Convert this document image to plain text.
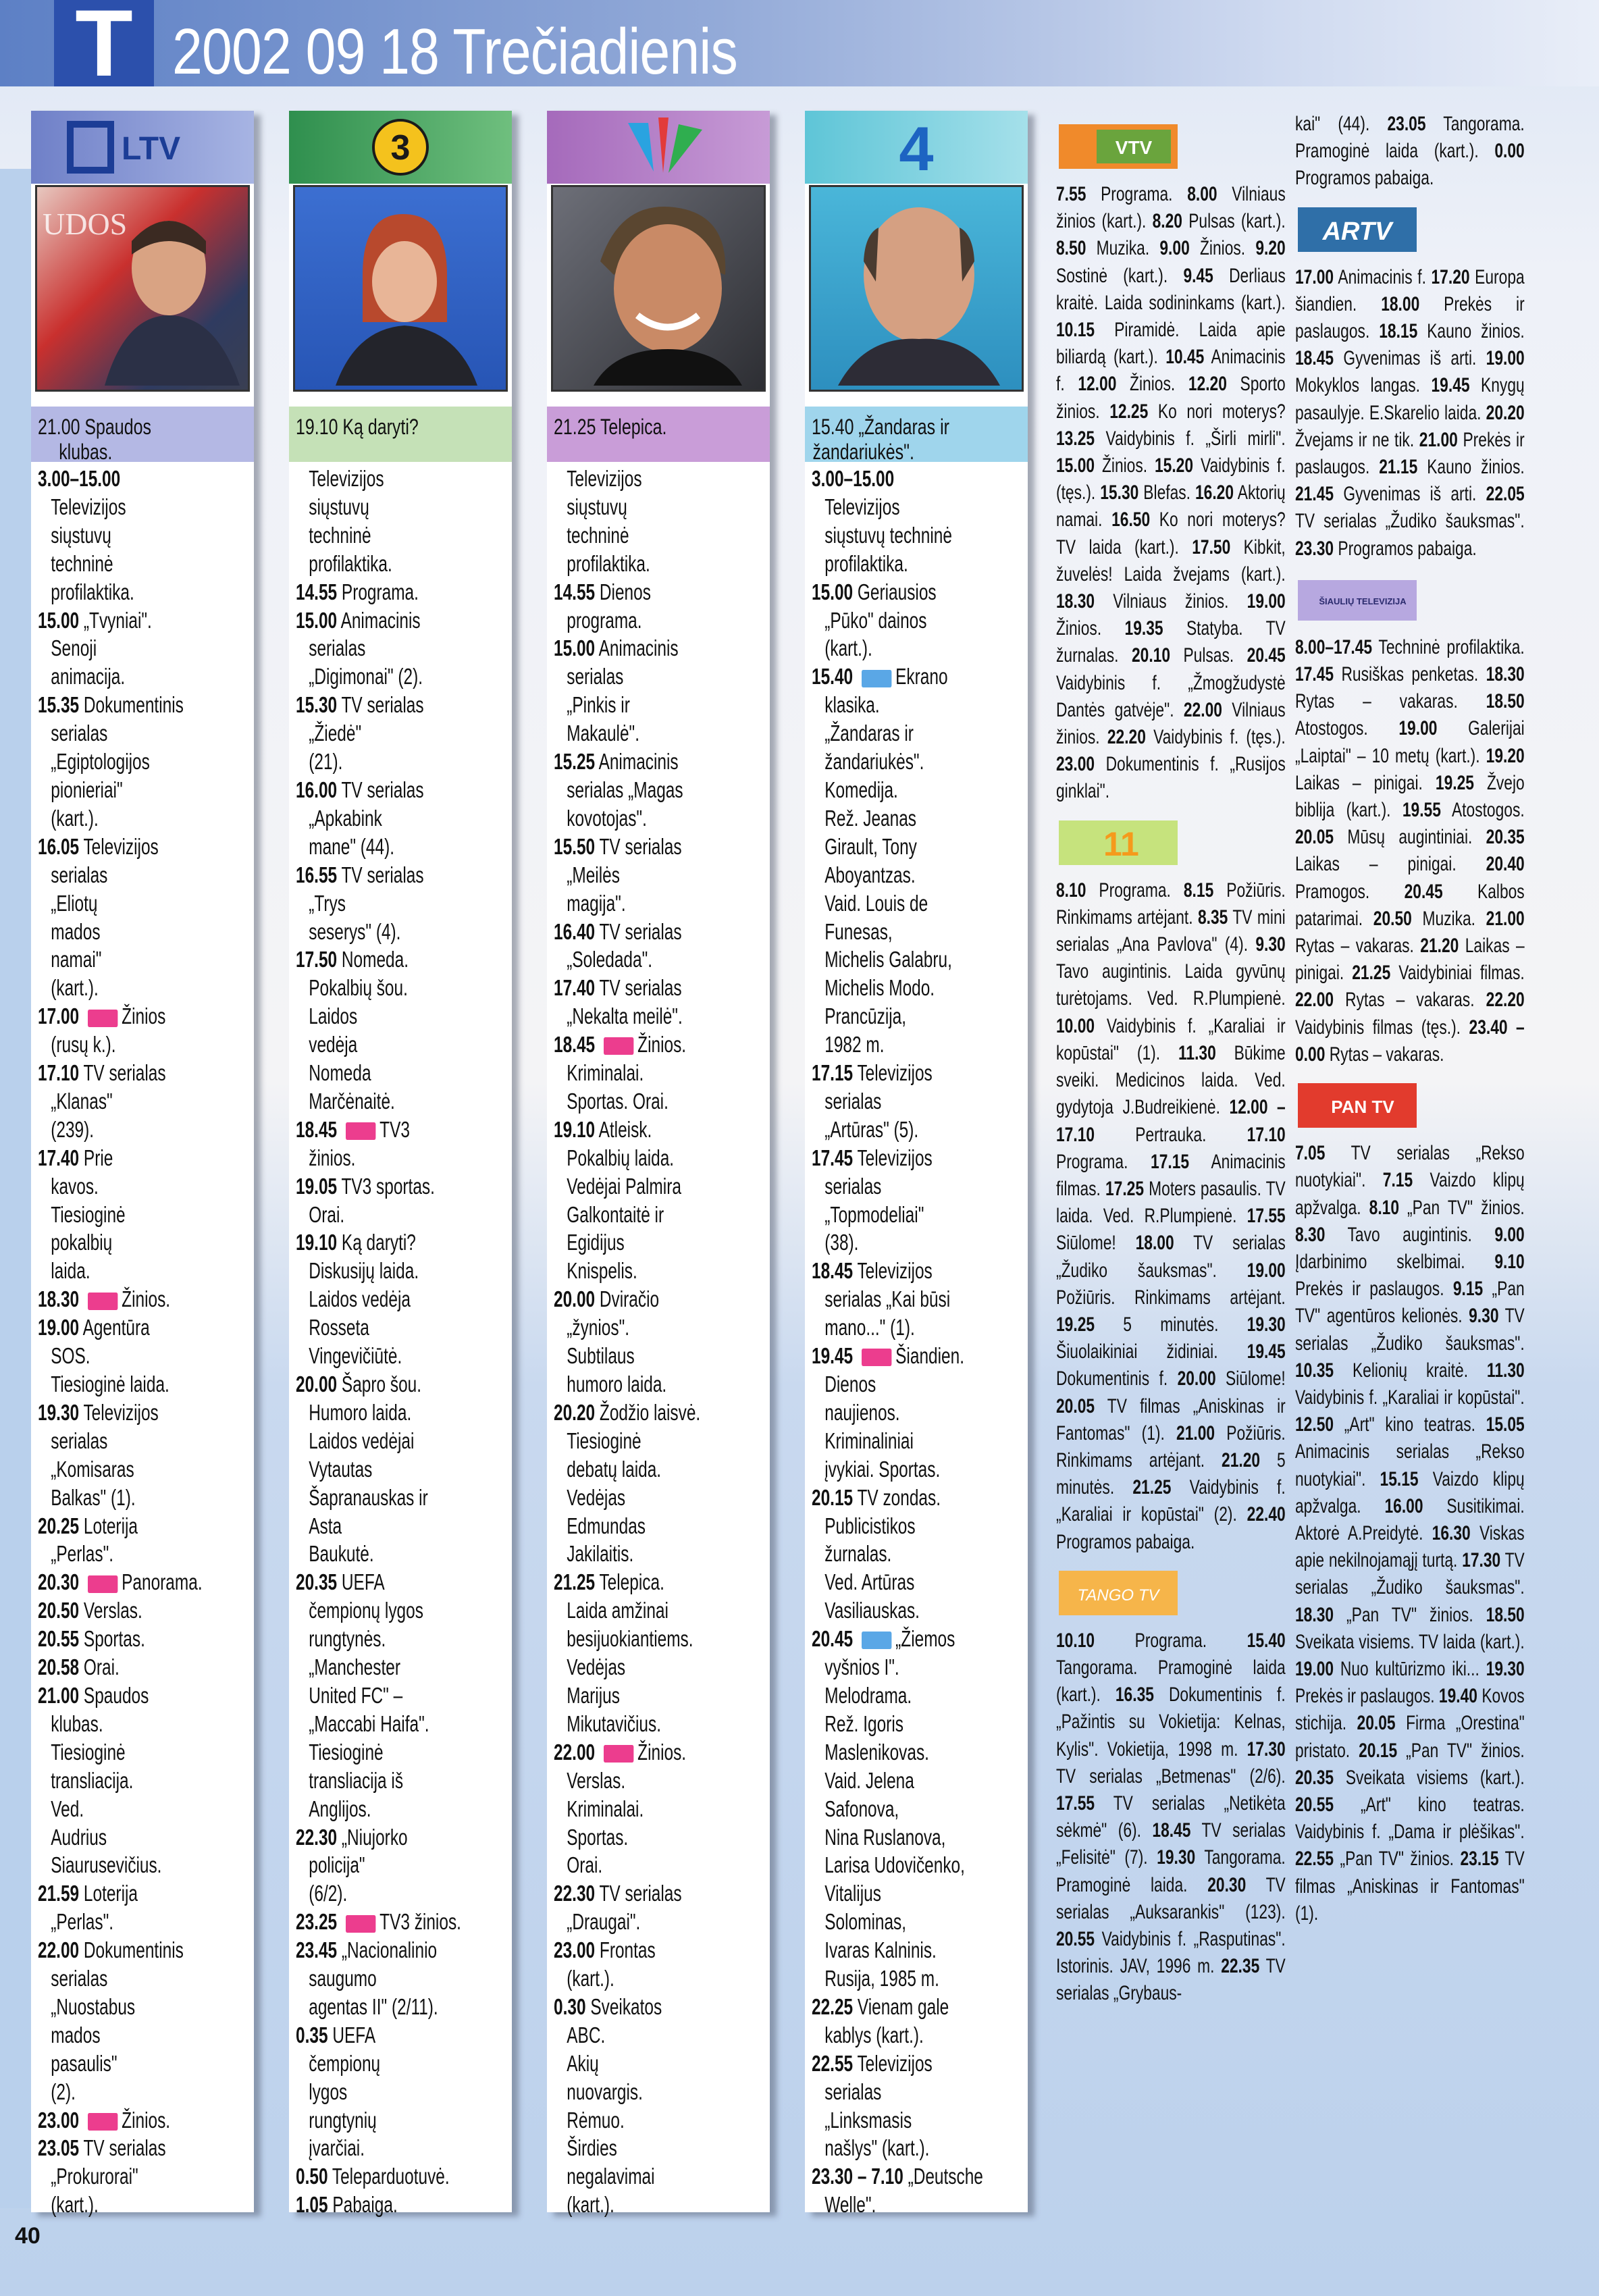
T 2002 09 18 Trečiadienis
LTV
UDOS
21.00 Spaudos
klubas.
3.00–15.00
Televizijos
siųstuvų
techninė
profilaktika.
15.00 „Tvyniai".
Senoji
animacija.
15.35 Dokumentinis
serialas
„Egiptologijos
pionieriai"
(kart.).
16.05 Televizijos
serialas
„Eliotų
mados
namai"
(kart.).
17.00 Žinios
(rusų k.).
17.10 TV serialas
„Klanas"
(239).
17.40 Prie
kavos.
Tiesioginė
pokalbių
laida.
18.30 Žinios.
19.00 Agentūra
SOS.
Tiesioginė laida.
19.30 Televizijos
serialas
„Komisaras
Balkas" (1).
20.25 Loterija
„Perlas".
20.30 Panorama.
20.50 Verslas.
20.55 Sportas.
20.58 Orai.
21.00 Spaudos
klubas.
Tiesioginė
transliacija.
Ved.
Audrius
Siaurusevičius.
21.59 Loterija
„Perlas".
22.00 Dokumentinis
serialas
„Nuostabus
mados
pasaulis"
(2).
23.00 Žinios.
23.05 TV serialas
„Prokurorai"
(kart.).
3
19.10 Ką daryti?
Televizijos
siųstuvų
techninė
profilaktika.
14.55 Programa.
15.00 Animacinis
serialas
„Digimonai" (2).
15.30 TV serialas
„Žiedė"
(21).
16.00 TV serialas
„Apkabink
mane" (44).
16.55 TV serialas
„Trys
seserys" (4).
17.50 Nomeda.
Pokalbių šou.
Laidos
vedėja
Nomeda
Marčėnaitė.
18.45 TV3
žinios.
19.05 TV3 sportas.
Orai.
19.10 Ką daryti?
Diskusijų laida.
Laidos vedėja
Rosseta
Vingevičiūtė.
20.00 Šapro šou.
Humoro laida.
Laidos vedėjai
Vytautas
Šapranauskas ir
Asta
Baukutė.
20.35 UEFA
čempionų lygos
rungtynės.
„Manchester
United FC" –
„Maccabi Haifa".
Tiesioginė
transliacija iš
Anglijos.
22.30 „Niujorko
policija"
(6/2).
23.25 TV3 žinios.
23.45 „Nacionalinio
saugumo
agentas II" (2/11).
0.35 UEFA
čempionų
lygos
rungtynių
įvarčiai.
0.50 Teleparduotuvė.
1.05 Pabaiga.
LNK
21.25 Telepica.
Televizijos
siųstuvų
techninė
profilaktika.
14.55 Dienos
programa.
15.00 Animacinis
serialas
„Pinkis ir
Makaulė".
15.25 Animacinis
serialas „Magas
kovotojas".
15.50 TV serialas
„Meilės
magija".
16.40 TV serialas
„Soledada".
17.40 TV serialas
„Nekalta meilė".
18.45 Žinios.
Kriminalai.
Sportas. Orai.
19.10 Atleisk.
Pokalbių laida.
Vedėjai Palmira
Galkontaitė ir
Egidijus
Knispelis.
20.00 Dviračio
„žynios".
Subtilaus
humoro laida.
20.20 Žodžio laisvė.
Tiesioginė
debatų laida.
Vedėjas
Edmundas
Jakilaitis.
21.25 Telepica.
Laida amžinai
besijuokiantiems.
Vedėjas
Marijus
Mikutavičius.
22.00 Žinios.
Verslas.
Kriminalai.
Sportas.
Orai.
22.30 TV serialas
„Draugai".
23.00 Frontas
(kart.).
0.30 Sveikatos
ABC.
Akių
nuovargis.
Rėmuo.
Širdies
negalavimai
(kart.).
4
15.40 „Žandaras ir
žandariukės".
3.00–15.00
Televizijos
siųstuvų techninė
profilaktika.
15.00 Geriausios
„Pūko" dainos
(kart.).
15.40 Ekrano
klasika.
„Žandaras ir
žandariukės".
Komedija.
Rež. Jeanas
Girault, Tony
Aboyantzas.
Vaid. Louis de
Funesas,
Michelis Galabru,
Michelis Modo.
Prancūzija,
1982 m.
17.15 Televizijos
serialas
„Artūras" (5).
17.45 Televizijos
serialas
„Topmodeliai"
(38).
18.45 Televizijos
serialas „Kai būsi
mano..." (1).
19.45 Šiandien.
Dienos
naujienos.
Kriminaliniai
įvykiai. Sportas.
20.15 TV zondas.
Publicistikos
žurnalas.
Ved. Artūras
Vasiliauskas.
20.45 „Žiemos
vyšnios I".
Melodrama.
Rež. Igoris
Maslenikovas.
Vaid. Jelena
Safonova,
Nina Ruslanova,
Larisa Udovičenko,
Vitalijus
Solominas,
Ivaras Kalninis.
Rusija, 1985 m.
22.25 Vienam gale
kablys (kart.).
22.55 Televizijos
serialas
„Linksmasis
našlys" (kart.).
23.30 – 7.10 „Deutsche
Welle".
VTV

7.55 Programa. 8.00 Vilniaus žinios (kart.). 8.20 Pulsas (kart.). 8.50 Muzika. 9.00 Žinios. 9.20 Sostinė (kart.). 9.45 Derliaus kraitė. Laida sodininkams (kart.). 10.15 Piramidė. Laida apie biliardą (kart.). 10.45 Animacinis f. 12.00 Žinios. 12.20 Sporto žinios. 12.25 Ko nori moterys? 13.25 Vaidybinis f. „Širli mirli". 15.00 Žinios. 15.20 Vaidybinis f. (tęs.). 15.30 Blefas. 16.20 Aktorių namai. 16.50 Ko nori moterys? TV laida (kart.). 17.50 Kibkit, žuvelės! Laida žvejams (kart.). 18.30 Vilniaus žinios. 19.00 Žinios. 19.35 Statyba. TV žurnalas. 20.10 Pulsas. 20.45 Vaidybinis f. „Žmogžudystė Dantės gatvėje". 22.00 Vilniaus žinios. 22.20 Vaidybinis f. (tęs.). 23.00 Dokumentinis f. „Rusijos ginklai".

11

8.10 Programa. 8.15 Požiūris. Rinkimams artėjant. 8.35 TV mini serialas „Ana Pavlova" (4). 9.30 Tavo augintinis. Laida gyvūnų turėtojams. Ved. R.Plumpienė. 10.00 Vaidybinis f. „Karaliai ir kopūstai" (1). 11.30 Būkime sveiki. Medicinos laida. Ved. gydytoja J.Budreikienė. 12.00 – 17.10 Pertrauka. 17.10 Programa. 17.15 Animacinis filmas. 17.25 Moters pasaulis. TV laida. Ved. R.Plumpienė. 17.55 Siūlome! 18.00 TV serialas „Žudiko šauksmas". 19.00 Požiūris. Rinkimams artėjant. 19.25 5 minutės. 19.30 Šiuolaikiniai židiniai. 19.45 Dokumentinis f. 20.00 Siūlome! 20.05 TV filmas „Aniskinas ir Fantomas" (1). 21.00 Požiūris. Rinkimams artėjant. 21.20 5 minutės. 21.25 Vaidybinis f. „Karaliai ir kopūstai" (2). 22.40 Programos pabaiga.

TANGO TV

10.10 Programa. 15.40 Tangorama. Pramoginė laida (kart.). 16.35 Dokumentinis f. „Pažintis su Vokietija: Kelnas, Kylis". Vokietija, 1998 m. 17.30 TV serialas „Betmenas" (2/6). 17.55 TV serialas „Netikėta sėkmė" (6). 18.45 TV serialas „Felisitė" (7). 19.30 Tangorama. Pramoginė laida. 20.30 TV serialas „Auksarankis" (123). 20.55 Vaidybinis f. „Rasputinas". Istorinis. JAV, 1996 m. 22.35 TV serialas „Grybaus-

kai" (44). 23.05 Tangorama. Pramoginė laida (kart.). 0.00 Programos pabaiga.

ARTV

17.00 Animacinis f. 17.20 Europa šiandien. 18.00 Prekės ir paslaugos. 18.15 Kauno žinios. 18.45 Gyvenimas iš arti. 19.00 Mokyklos langas. 19.45 Knygų pasaulyje. E.Skarelio laida. 20.20 Žvejams ir ne tik. 21.00 Prekės ir paslaugos. 21.15 Kauno žinios. 21.45 Gyvenimas iš arti. 22.05 TV serialas „Žudiko šauksmas". 23.30 Programos pabaiga.

ŠIAULIŲ TELEVIZIJA

8.00–17.45 Techninė profilaktika. 17.45 Rusiškas penketas. 18.30 Rytas – vakaras. 18.50 Atostogos. 19.00 Galerijai „Laiptai" – 10 metų (kart.). 19.20 Laikas – pinigai. 19.25 Žvejo biblija (kart.). 19.55 Atostogos. 20.05 Mūsų augintiniai. 20.35 Laikas – pinigai. 20.40 Pramogos. 20.45 Kalbos patarimai. 20.50 Muzika. 21.00 Rytas – vakaras. 21.20 Laikas – pinigai. 21.25 Vaidybiniai filmas. 22.00 Rytas – vakaras. 22.20 Vaidybinis filmas (tęs.). 23.40 – 0.00 Rytas – vakaras.

PAN TV

7.05 TV serialas „Rekso nuotykiai". 7.15 Vaizdo klipų apžvalga. 8.10 „Pan TV" žinios. 8.30 Tavo augintinis. 9.00 Įdarbinimo skelbimai. 9.10 Prekės ir paslaugos. 9.15 „Pan TV" agentūros kelionės. 9.30 TV serialas „Žudiko šauksmas". 10.35 Kelionių kraitė. 11.30 Vaidybinis f. „Karaliai ir kopūstai". 12.50 „Art" kino teatras. 15.05 Animacinis serialas „Rekso nuotykiai". 15.15 Vaizdo klipų apžvalga. 16.00 Susitikimai. Aktorė A.Preidytė. 16.30 Viskas apie nekilnojamąjį turtą. 17.30 TV serialas „Žudiko šauksmas". 18.30 „Pan TV" žinios. 18.50 Sveikata visiems. TV laida (kart.). 19.00 Nuo kultūrizmo iki... 19.30 Prekės ir paslaugos. 19.40 Kovos stichija. 20.05 Firma „Orestina" pristato. 20.15 „Pan TV" žinios. 20.35 Sveikata visiems (kart.). 20.55 „Art" kino teatras. Vaidybinis f. „Dama ir plėšikas". 22.55 „Pan TV" žinios. 23.15 TV filmas „Aniskinas ir Fantomas" (1).

40
